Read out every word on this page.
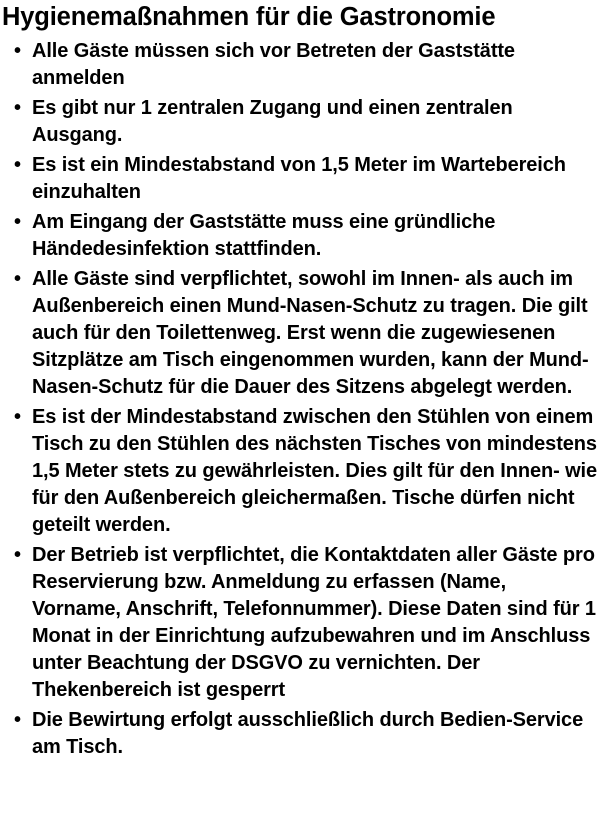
Hygienemaßnahmen für die Gastronomie
• Alle Gäste müssen sich vor Betreten der Gaststätte anmelden
• Es gibt nur 1 zentralen Zugang und einen zentralen Ausgang.
• Es ist ein Mindestabstand von 1,5 Meter im Wartebereich einzuhalten
• Am Eingang der Gaststätte muss eine gründliche Händedesinfektion stattfinden.
• Alle Gäste sind verpflichtet, sowohl im Innen- als auch im Außenbereich einen Mund-Nasen-Schutz zu tragen. Die gilt auch für den Toilettenweg. Erst wenn die zugewiesenen Sitzplätze am Tisch eingenommen wurden, kann der Mund-Nasen-Schutz für die Dauer des Sitzens abgelegt werden.
• Es ist der Mindestabstand zwischen den Stühlen von einem Tisch zu den Stühlen des nächsten Tisches von mindestens 1,5 Meter stets zu gewährleisten. Dies gilt für den Innen- wie für den Außenbereich gleichermaßen. Tische dürfen nicht geteilt werden.
• Der Betrieb ist verpflichtet, die Kontaktdaten aller Gäste pro Reservierung bzw. Anmeldung zu erfassen (Name, Vorname, Anschrift, Telefonnummer). Diese Daten sind für 1 Monat in der Einrichtung aufzubewahren und im Anschluss unter Beachtung der DSGVO zu vernichten. Der Thekenbereich ist gesperrt
• Die Bewirtung erfolgt ausschließlich durch Bedien-Service am Tisch.
